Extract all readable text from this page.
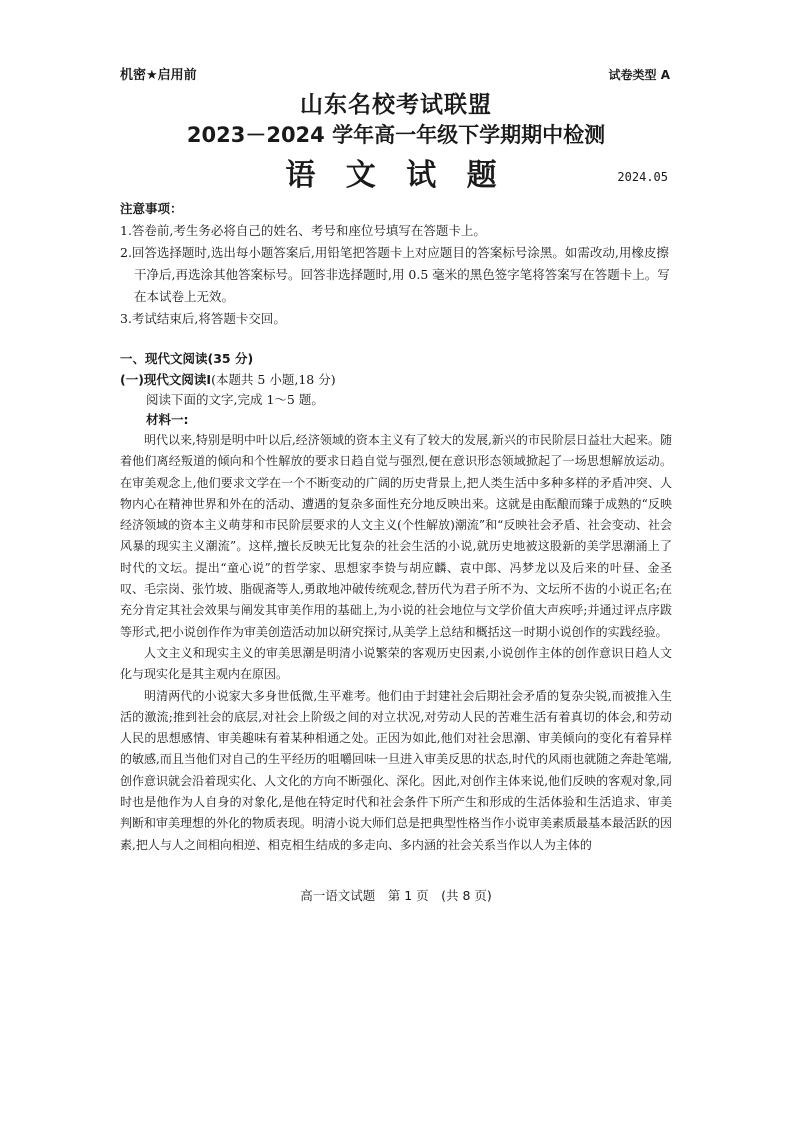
机密★启用前	试卷类型 A
山东名校考试联盟
2023－2024 学年高一年级下学期期中检测
语 文 试 题	2024.05
注意事项：
1.答卷前,考生务必将自己的姓名、考号和座位号填写在答题卡上。
2.回答选择题时,选出每小题答案后,用铅笔把答题卡上对应题目的答案标号涂黑。如需改动,用橡皮擦干净后,再选涂其他答案标号。回答非选择题时,用 0.5 毫米的黑色签字笔将答案写在答题卡上。写在本试卷上无效。
3.考试结束后,将答题卡交回。
一、现代文阅读(35 分)
(一)现代文阅读Ⅰ(本题共 5 小题,18 分)
阅读下面的文字,完成 1～5 题。
材料一:

明代以来,特别是明中叶以后,经济领域的资本主义有了较大的发展,新兴的市民阶层日益壮大起来。随着他们离经叛道的倾向和个性解放的要求日趋自觉与强烈,便在意识形态领域掀起了一场思想解放运动。在审美观念上,他们要求文学在一个不断变动的广阔的历史背景上,把人类生活中多种多样的矛盾冲突、人物内心在精神世界和外在的活动、遭遇的复杂多面性充分地反映出来。这就是由酝酿而臻于成熟的“反映经济领域的资本主义萌芽和市民阶层要求的人文主义(个性解放)潮流”和“反映社会矛盾、社会变动、社会风暴的现实主义潮流”。这样,擅长反映无比复杂的社会生活的小说,就历史地被这股新的美学思潮涌上了时代的文坛。提出“童心说”的哲学家、思想家李贽与胡应麟、袁中郎、冯梦龙以及后来的叶昼、金圣叹、毛宗岗、张竹坡、脂砚斋等人,勇敢地冲破传统观念,替历代为君子所不为、文坛所不齿的小说正名;在充分肯定其社会效果与阐发其审美作用的基础上,为小说的社会地位与文学价值大声疾呼;并通过评点序跋等形式,把小说创作作为审美创造活动加以研究探讨,从美学上总结和概括这一时期小说创作的实践经验。

人文主义和现实主义的审美思潮是明清小说繁荣的客观历史因素,小说创作主体的创作意识日趋人文化与现实化是其主观内在原因。

明清两代的小说家大多身世低微,生平难考。他们由于封建社会后期社会矛盾的复杂尖锐,而被推入生活的激流;推到社会的底层,对社会上阶级之间的对立状况,对劳动人民的苦难生活有着真切的体会,和劳动人民的思想感情、审美趣味有着某种相通之处。正因为如此,他们对社会思潮、审美倾向的变化有着异样的敏感,而且当他们对自己的生平经历的咀嚼回味一旦进入审美反思的状态,时代的风雨也就随之奔赴笔端,创作意识就会沿着现实化、人文化的方向不断强化、深化。因此,对创作主体来说,他们反映的客观对象,同时也是他作为人自身的对象化,是他在特定时代和社会条件下所产生和形成的生活体验和生活追求、审美判断和审美理想的外化的物质表现。明清小说大师们总是把典型性格当作小说审美素质最基本最活跃的因素,把人与人之间相向相逆、相克相生结成的多走向、多内涵的社会关系当作以人为主体的

高一语文试题　第 1 页　(共 8 页)
